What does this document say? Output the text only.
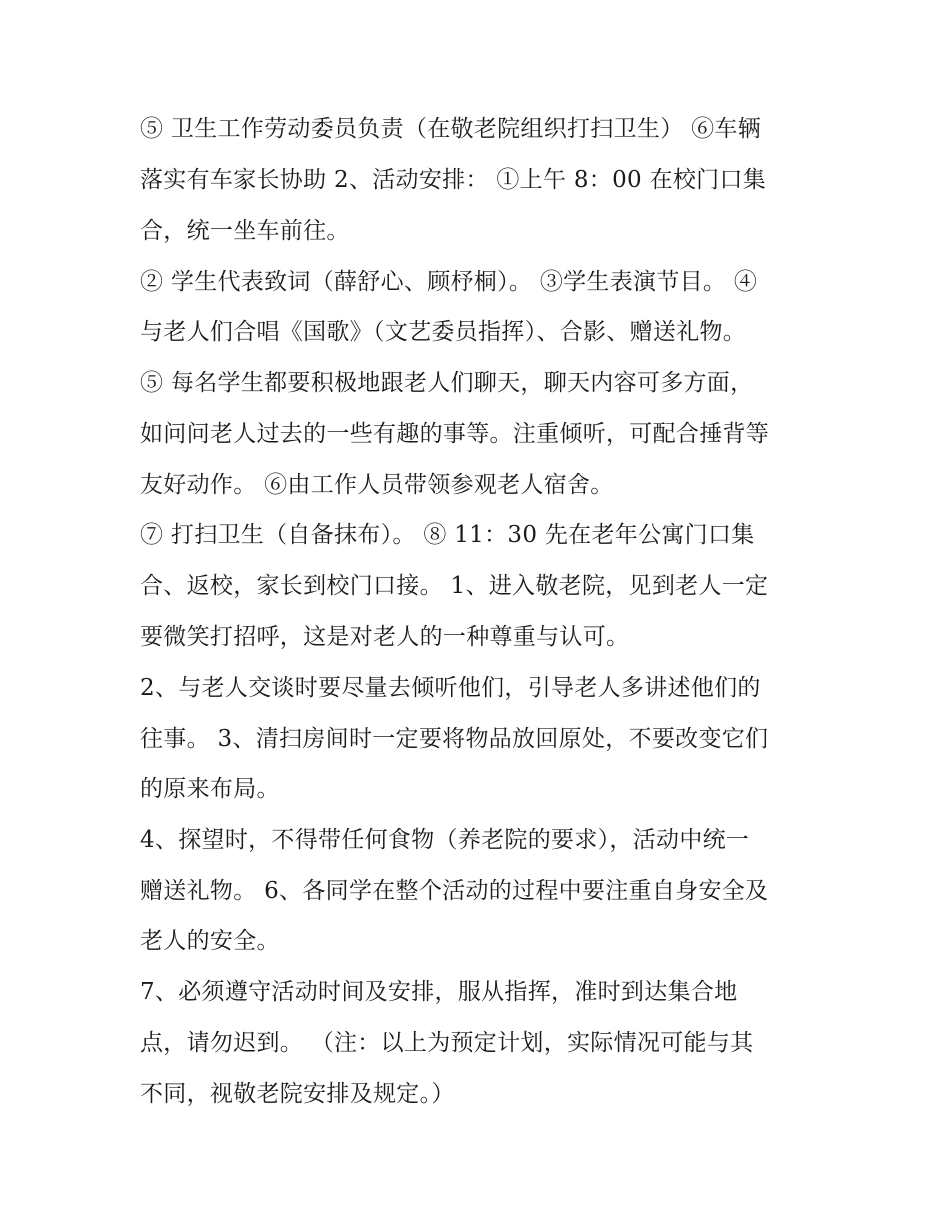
⑤ 卫生工作劳动委员负责（在敬老院组织打扫卫生） ⑥车辆
落实有车家长协助 2、活动安排： ①上午 8：00 在校门口集
合，统一坐车前往。
② 学生代表致词（薛舒心、顾杼桐）。 ③学生表演节目。 ④
与老人们合唱《国歌》（文艺委员指挥）、合影、赠送礼物。
⑤ 每名学生都要积极地跟老人们聊天，聊天内容可多方面，
如问问老人过去的一些有趣的事等。注重倾听，可配合捶背等
友好动作。 ⑥由工作人员带领参观老人宿舍。
⑦ 打扫卫生（自备抹布）。 ⑧ 11：30 先在老年公寓门口集
合、返校，家长到校门口接。 1、进入敬老院，见到老人一定
要微笑打招呼，这是对老人的一种尊重与认可。
2、与老人交谈时要尽量去倾听他们，引导老人多讲述他们的
往事。 3、清扫房间时一定要将物品放回原处，不要改变它们
的原来布局。
4、探望时，不得带任何食物（养老院的要求），活动中统一
赠送礼物。 6、各同学在整个活动的过程中要注重自身安全及
老人的安全。
7、必须遵守活动时间及安排，服从指挥，准时到达集合地
点，请勿迟到。 （注：以上为预定计划，实际情况可能与其
不同，视敬老院安排及规定。）
